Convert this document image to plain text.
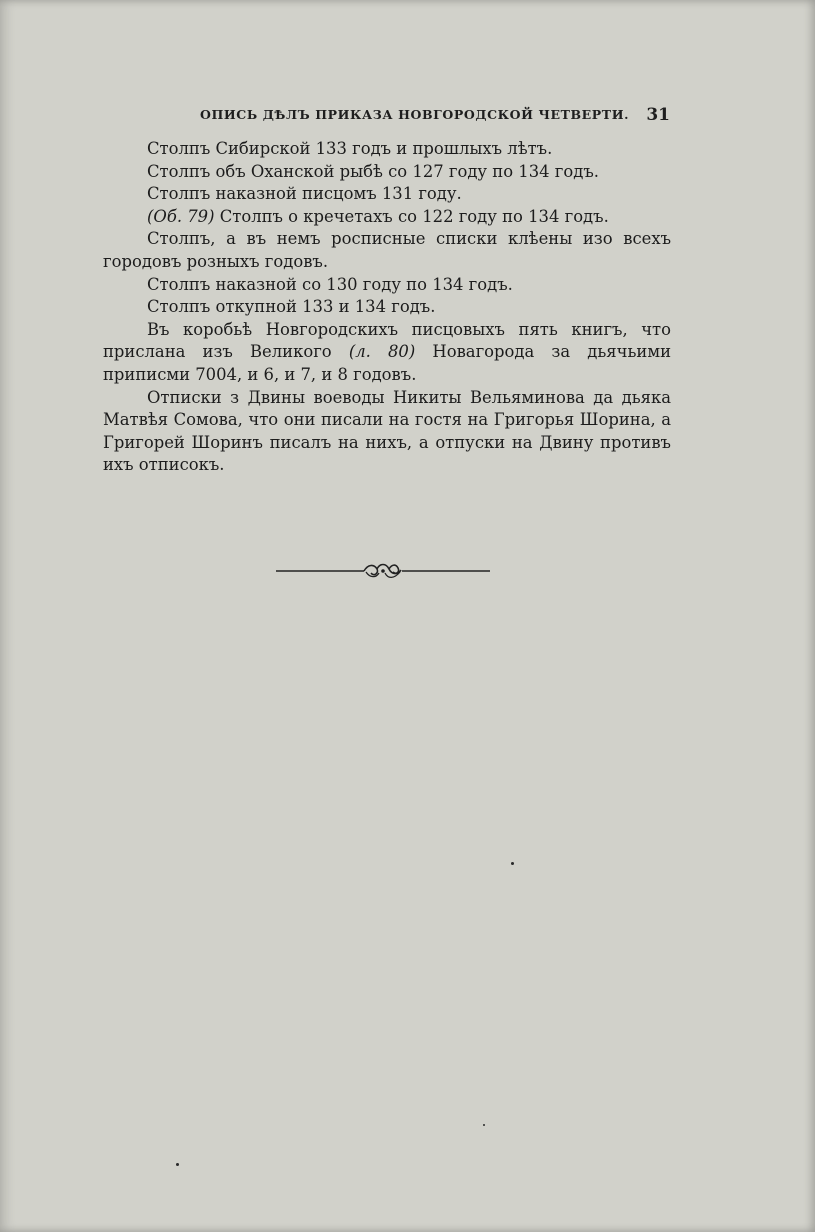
ОПИСЬ ДѢЛЪ ПРИКАЗА НОВГОРОДСКОЙ ЧЕТВЕРТИ. 31

Столпъ Сибирской 133 годъ и прошлыхъ лѣтъ.

Столпъ объ Оханской рыбѣ со 127 году по 134 годъ.

Столпъ наказной писцомъ 131 году.

(Об. 79) Столпъ о кречетахъ со 122 году по 134 годъ.

Столпъ, а въ немъ росписные списки клѣены изо всехъ городовъ розныхъ годовъ.

Столпъ наказной со 130 году по 134 годъ.

Столпъ откупной 133 и 134 годъ.

Въ коробьѣ Новгородскихъ писцовыхъ пять книгъ, что прислана изъ Великого (л. 80) Новагорода за дьячьими приписми 7004, и 6, и 7, и 8 годовъ.

Отписки з Двины воеводы Никиты Вельяминова да дьяка Матвѣя Сомова, что они писали на гостя на Григорья Шорина, а Григорей Шоринъ писалъ на нихъ, а отпуски на Двину противъ ихъ отписокъ.
